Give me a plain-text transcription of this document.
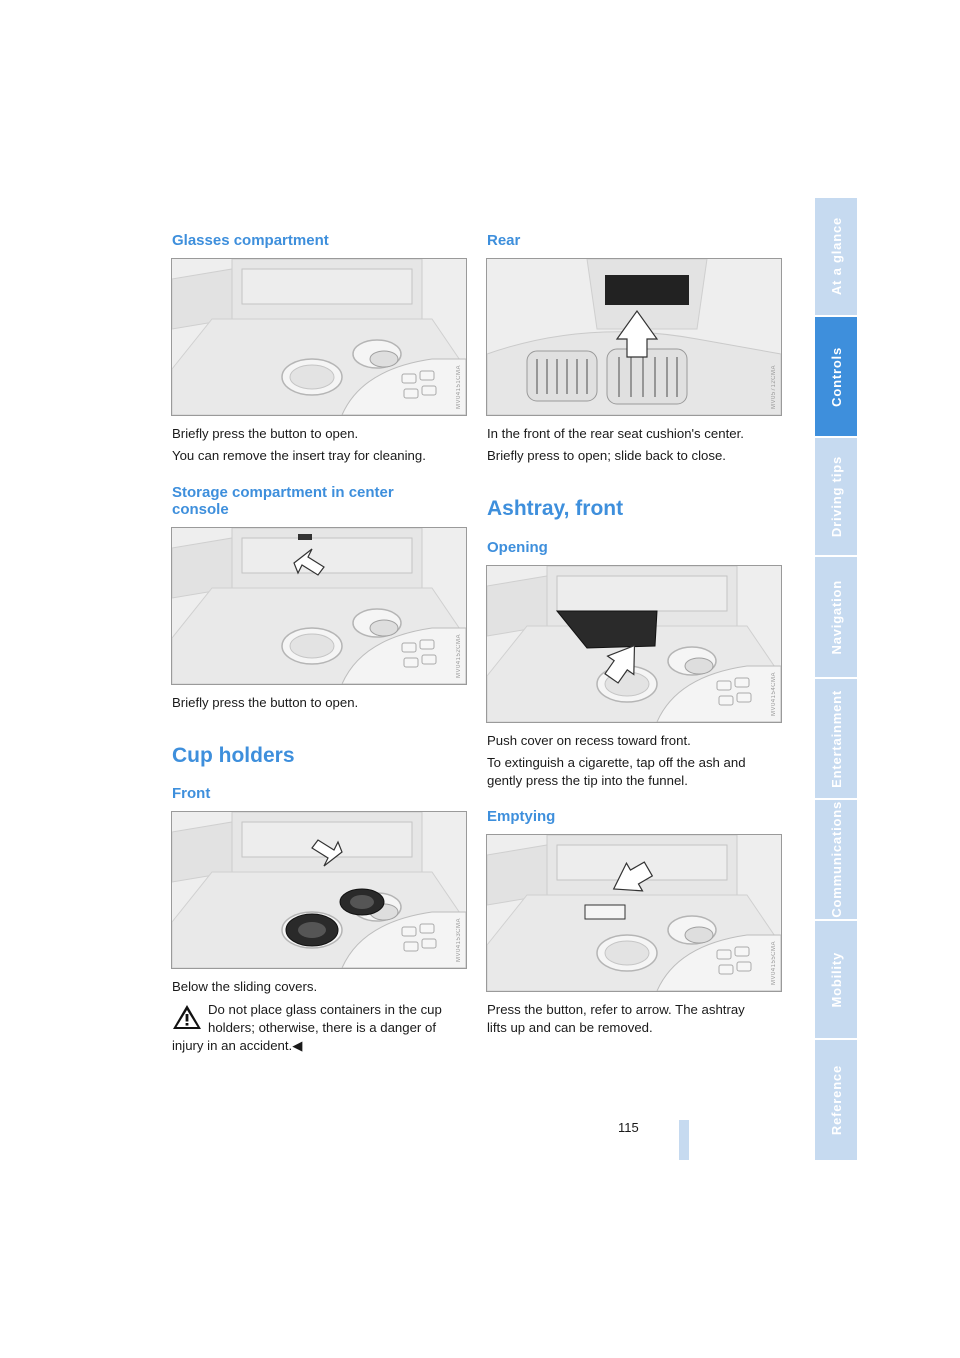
At a glance
Controls
Driving tips
Navigation
Entertainment
Communications
Mobility
Reference
Glasses compartment
MV04151CMA
Briefly press the button to open.
You can remove the insert tray for cleaning.
Storage compartment in center
console
MV04152CMA
Briefly press the button to open.
Cup holders
Front
MV04153CMA
Below the sliding covers.
Do not place glass containers in the cup
holders; otherwise, there is a danger of
injury in an accident.◀
Rear
MV05712CMA
In the front of the rear seat cushion's center.
Briefly press to open; slide back to close.
Ashtray, front
Opening
MV04154CMA
Push cover on recess toward front.
To extinguish a cigarette, tap off the ash and
gently press the tip into the funnel.
Emptying
MV04155CMA
Press the button, refer to arrow. The ashtray
lifts up and can be removed.
115
